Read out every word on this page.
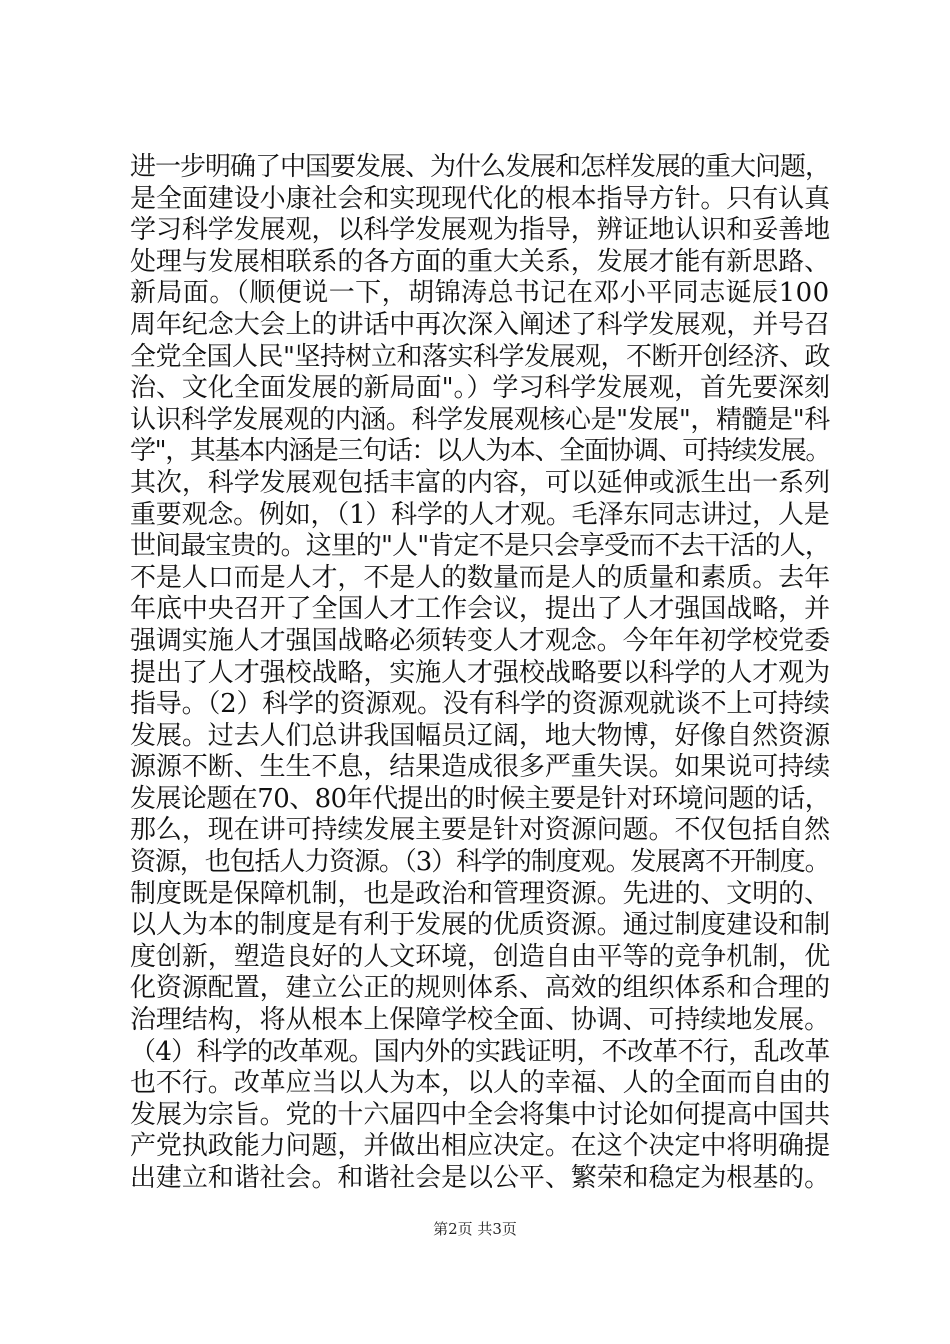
进一步明确了中国要发展、为什么发展和怎样发展的重大问题，
是全面建设小康社会和实现现代化的根本指导方针。只有认真
学习科学发展观，以科学发展观为指导，辨证地认识和妥善地
处理与发展相联系的各方面的重大关系，发展才能有新思路、
新局面。（顺便说一下，胡锦涛总书记在邓小平同志诞辰100
周年纪念大会上的讲话中再次深入阐述了科学发展观，并号召
全党全国人民"坚持树立和落实科学发展观，不断开创经济、政
治、文化全面发展的新局面"。）学习科学发展观，首先要深刻
认识科学发展观的内涵。科学发展观核心是"发展"，精髓是"科
学"，其基本内涵是三句话：以人为本、全面协调、可持续发展。
其次，科学发展观包括丰富的内容，可以延伸或派生出一系列
重要观念。例如，（1）科学的人才观。毛泽东同志讲过，人是
世间最宝贵的。这里的"人"肯定不是只会享受而不去干活的人，
不是人口而是人才，不是人的数量而是人的质量和素质。去年
年底中央召开了全国人才工作会议，提出了人才强国战略，并
强调实施人才强国战略必须转变人才观念。今年年初学校党委
提出了人才强校战略，实施人才强校战略要以科学的人才观为
指导。（2）科学的资源观。没有科学的资源观就谈不上可持续
发展。过去人们总讲我国幅员辽阔，地大物博，好像自然资源
源源不断、生生不息，结果造成很多严重失误。如果说可持续
发展论题在70、80年代提出的时候主要是针对环境问题的话，
那么，现在讲可持续发展主要是针对资源问题。不仅包括自然
资源，也包括人力资源。（3）科学的制度观。发展离不开制度。
制度既是保障机制，也是政治和管理资源。先进的、文明的、
以人为本的制度是有利于发展的优质资源。通过制度建设和制
度创新，塑造良好的人文环境，创造自由平等的竞争机制，优
化资源配置，建立公正的规则体系、高效的组织体系和合理的
治理结构，将从根本上保障学校全面、协调、可持续地发展。
（4）科学的改革观。国内外的实践证明，不改革不行，乱改革
也不行。改革应当以人为本，以人的幸福、人的全面而自由的
发展为宗旨。党的十六届四中全会将集中讨论如何提高中国共
产党执政能力问题，并做出相应决定。在这个决定中将明确提
出建立和谐社会。和谐社会是以公平、繁荣和稳定为根基的。
第2页 共3页
